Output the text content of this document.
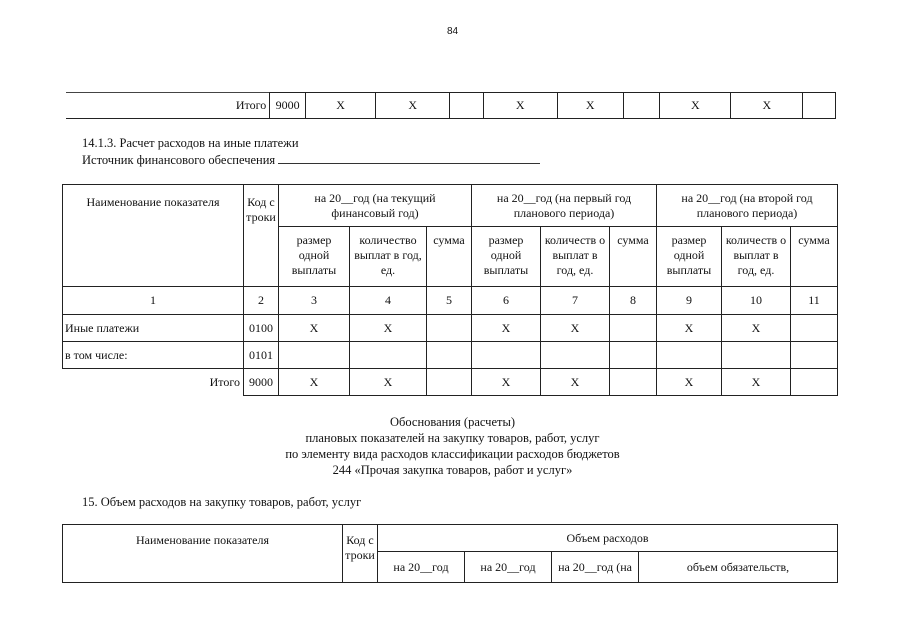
84
Итого	9000	X	X		X	X		X	X	
14.1.3. Расчет расходов на иные платежи
Источник финансового обеспечения
Наименование показателя	Код строки	на 20__год (на текущий финансовый год)			на 20__год (на первый год планового периода)			на 20__год (на второй год планового периода)		
		размер одной выплаты	количество выплат в год, ед.	сумма	размер одной выплаты	количеств о выплат в год, ед.	сумма	размер одной выплаты	количеств о выплат в год, ед.	сумма
1	2	3	4	5	6	7	8	9	10	11
Иные платежи	0100	X	X		X	X		X	X	
в том числе:	0101									
Итого	9000	X	X		X	X		X	X	
Обоснования (расчеты)
плановых показателей на закупку товаров, работ, услуг
по элементу вида расходов классификации расходов бюджетов
244 «Прочая закупка товаров, работ и услуг»
15. Объем расходов на закупку товаров, работ, услуг
Наименование показателя	Код строки	Объем расходов			
		на 20__год	на 20__год	на 20__год (на	объем обязательств,
